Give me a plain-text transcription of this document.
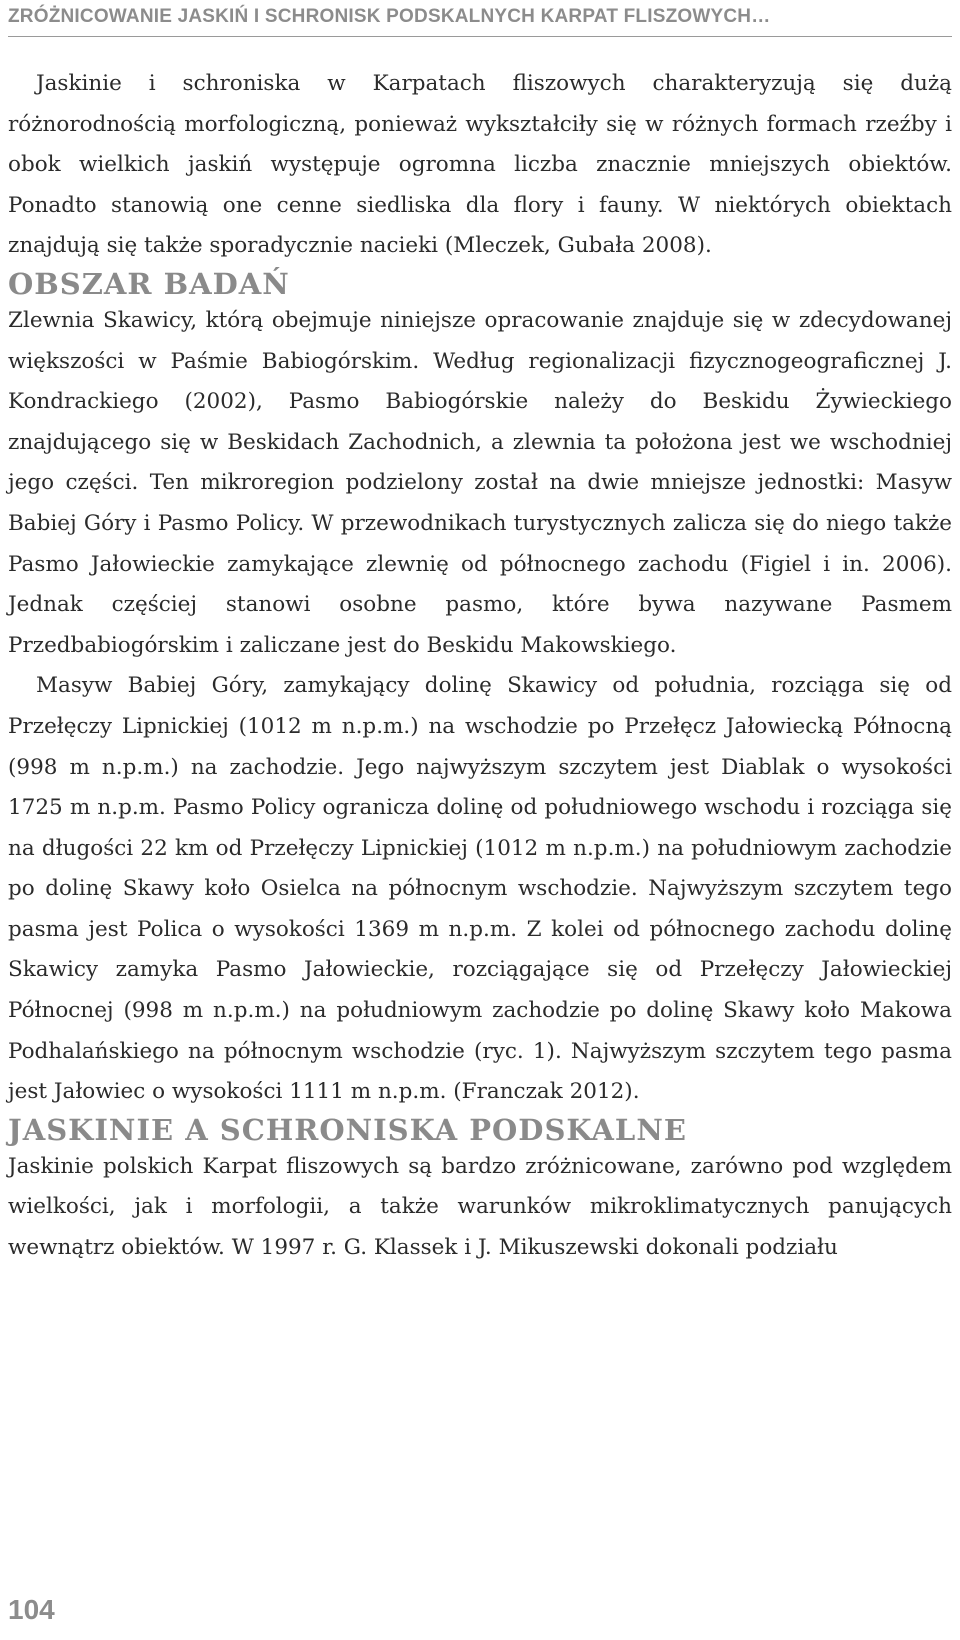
ZRÓŻNICOWANIE JASKIŃ I SCHRONISK PODSKALNYCH KARPAT FLISZOWYCH…

Jaskinie i schroniska w Karpatach fliszowych charakteryzują się dużą różnorodnością morfologiczną, ponieważ wykształciły się w różnych formach rzeźby i obok wielkich jaskiń występuje ogromna liczba znacznie mniejszych obiektów. Ponadto stanowią one cenne siedliska dla flory i fauny. W niektórych obiektach znajdują się także sporadycznie nacieki (Mleczek, Gubała 2008).

OBSZAR BADAŃ

Zlewnia Skawicy, którą obejmuje niniejsze opracowanie znajduje się w zdecydowanej większości w Paśmie Babiogórskim. Według regionalizacji fizycznogeograficznej J. Kondrackiego (2002), Pasmo Babiogórskie należy do Beskidu Żywieckiego znajdującego się w Beskidach Zachodnich, a zlewnia ta położona jest we wschodniej jego części. Ten mikroregion podzielony został na dwie mniejsze jednostki: Masyw Babiej Góry i Pasmo Policy. W przewodnikach turystycznych zalicza się do niego także Pasmo Jałowieckie zamykające zlewnię od północnego zachodu (Figiel i in. 2006). Jednak częściej stanowi osobne pasmo, które bywa nazywane Pasmem Przedbabiogórskim i zaliczane jest do Beskidu Makowskiego.

Masyw Babiej Góry, zamykający dolinę Skawicy od południa, rozciąga się od Przełęczy Lipnickiej (1012 m n.p.m.) na wschodzie po Przełęcz Jałowiecką Północną (998 m n.p.m.) na zachodzie. Jego najwyższym szczytem jest Diablak o wysokości 1725 m n.p.m. Pasmo Policy ogranicza dolinę od południowego wschodu i rozciąga się na długości 22 km od Przełęczy Lipnickiej (1012 m n.p.m.) na południowym zachodzie po dolinę Skawy koło Osielca na północnym wschodzie. Najwyższym szczytem tego pasma jest Polica o wysokości 1369 m n.p.m. Z kolei od północnego zachodu dolinę Skawicy zamyka Pasmo Jałowieckie, rozciągające się od Przełęczy Jałowieckiej Północnej (998 m n.p.m.) na południowym zachodzie po dolinę Skawy koło Makowa Podhalańskiego na północnym wschodzie (ryc. 1). Najwyższym szczytem tego pasma jest Jałowiec o wysokości 1111 m n.p.m. (Franczak 2012).

JASKINIE A SCHRONISKA PODSKALNE

Jaskinie polskich Karpat fliszowych są bardzo zróżnicowane, zarówno pod względem wielkości, jak i morfologii, a także warunków mikroklimatycznych panujących wewnątrz obiektów. W 1997 r. G. Klassek i J. Mikuszewski dokonali podziału

104
